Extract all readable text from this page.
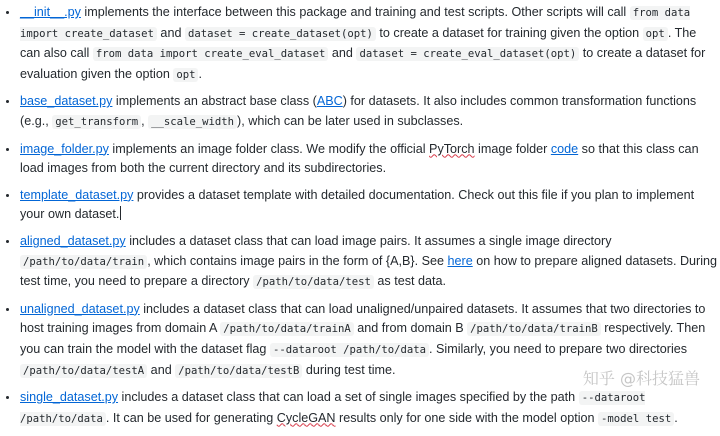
• __init__.py implements the interface between this package and training and test scripts. Other scripts will call from data import create_dataset and dataset = create_dataset(opt) to create a dataset for training given the option opt . The can also call from data import create_eval_dataset and dataset = create_eval_dataset(opt) to create a dataset for evaluation given the option opt .
• base_dataset.py implements an abstract base class (ABC) for datasets. It also includes common transformation functions (e.g., get_transform , __scale_width ), which can be later used in subclasses.
• image_folder.py implements an image folder class. We modify the official PyTorch image folder code so that this class can load images from both the current directory and its subdirectories.
• template_dataset.py provides a dataset template with detailed documentation. Check out this file if you plan to implement your own dataset.
• aligned_dataset.py includes a dataset class that can load image pairs. It assumes a single image directory /path/to/data/train , which contains image pairs in the form of {A,B}. See here on how to prepare aligned datasets. During test time, you need to prepare a directory /path/to/data/test as test data.
• unaligned_dataset.py includes a dataset class that can load unaligned/unpaired datasets. It assumes that two directories to host training images from domain A /path/to/data/trainA and from domain B /path/to/data/trainB respectively. Then you can train the model with the dataset flag --dataroot /path/to/data . Similarly, you need to prepare two directories /path/to/data/testA and /path/to/data/testB during test time.
• single_dataset.py includes a dataset class that can load a set of single images specified by the path --dataroot /path/to/data . It can be used for generating CycleGAN results only for one side with the model option -model test .
知乎 @科技猛兽
